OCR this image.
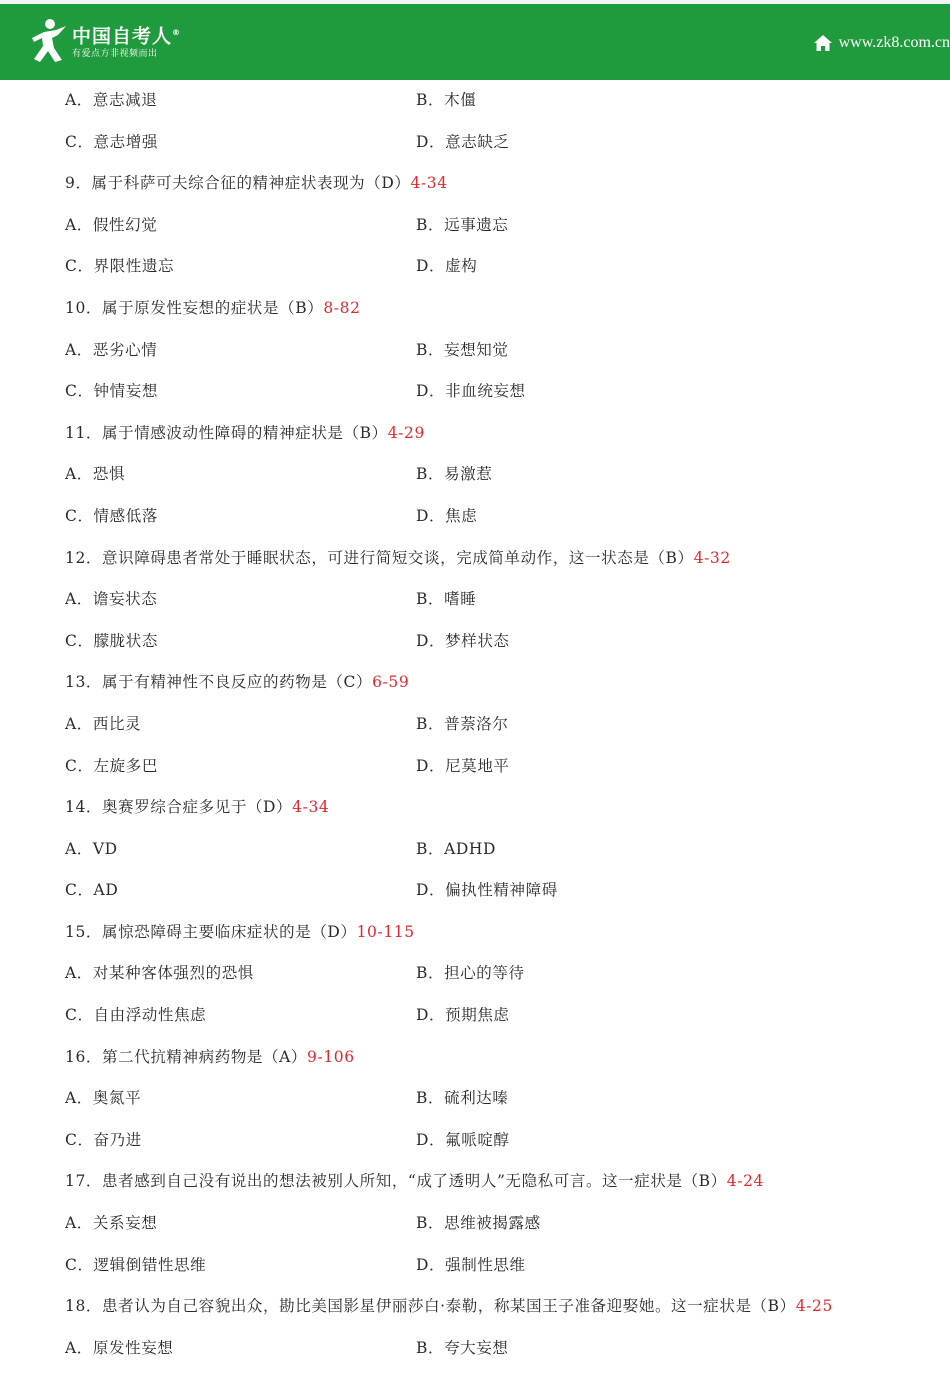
中国自考人®
有爱点方非视频而出
www.zk8.com.cn
A．意志减退	B．木僵
C．意志增强	D．意志缺乏
9．属于科萨可夫综合征的精神症状表现为（D）4-34
A．假性幻觉	B．远事遗忘
C．界限性遗忘	D．虚构
10．属于原发性妄想的症状是（B）8-82
A．恶劣心情	B．妄想知觉
C．钟情妄想	D．非血统妄想
11．属于情感波动性障碍的精神症状是（B）4-29
A．恐惧	B．易激惹
C．情感低落	D．焦虑
12．意识障碍患者常处于睡眠状态，可进行简短交谈，完成简单动作，这一状态是（B）4-32
A．谵妄状态	B．嗜睡
C．朦胧状态	D．梦样状态
13．属于有精神性不良反应的药物是（C）6-59
A．西比灵	B．普萘洛尔
C．左旋多巴	D．尼莫地平
14．奥赛罗综合症多见于（D）4-34
A．VD	B．ADHD
C．AD	D．偏执性精神障碍
15．属惊恐障碍主要临床症状的是（D）10-115
A．对某种客体强烈的恐惧	B．担心的等待
C．自由浮动性焦虑	D．预期焦虑
16．第二代抗精神病药物是（A）9-106
A．奥氮平	B．硫利达嗪
C．奋乃进	D．氟哌啶醇
17．患者感到自己没有说出的想法被别人所知，“成了透明人”无隐私可言。这一症状是（B）4-24
A．关系妄想	B．思维被揭露感
C．逻辑倒错性思维	D．强制性思维
18．患者认为自己容貌出众，勘比美国影星伊丽莎白·泰勒，称某国王子准备迎娶她。这一症状是（B）4-25
A．原发性妄想	B．夸大妄想
